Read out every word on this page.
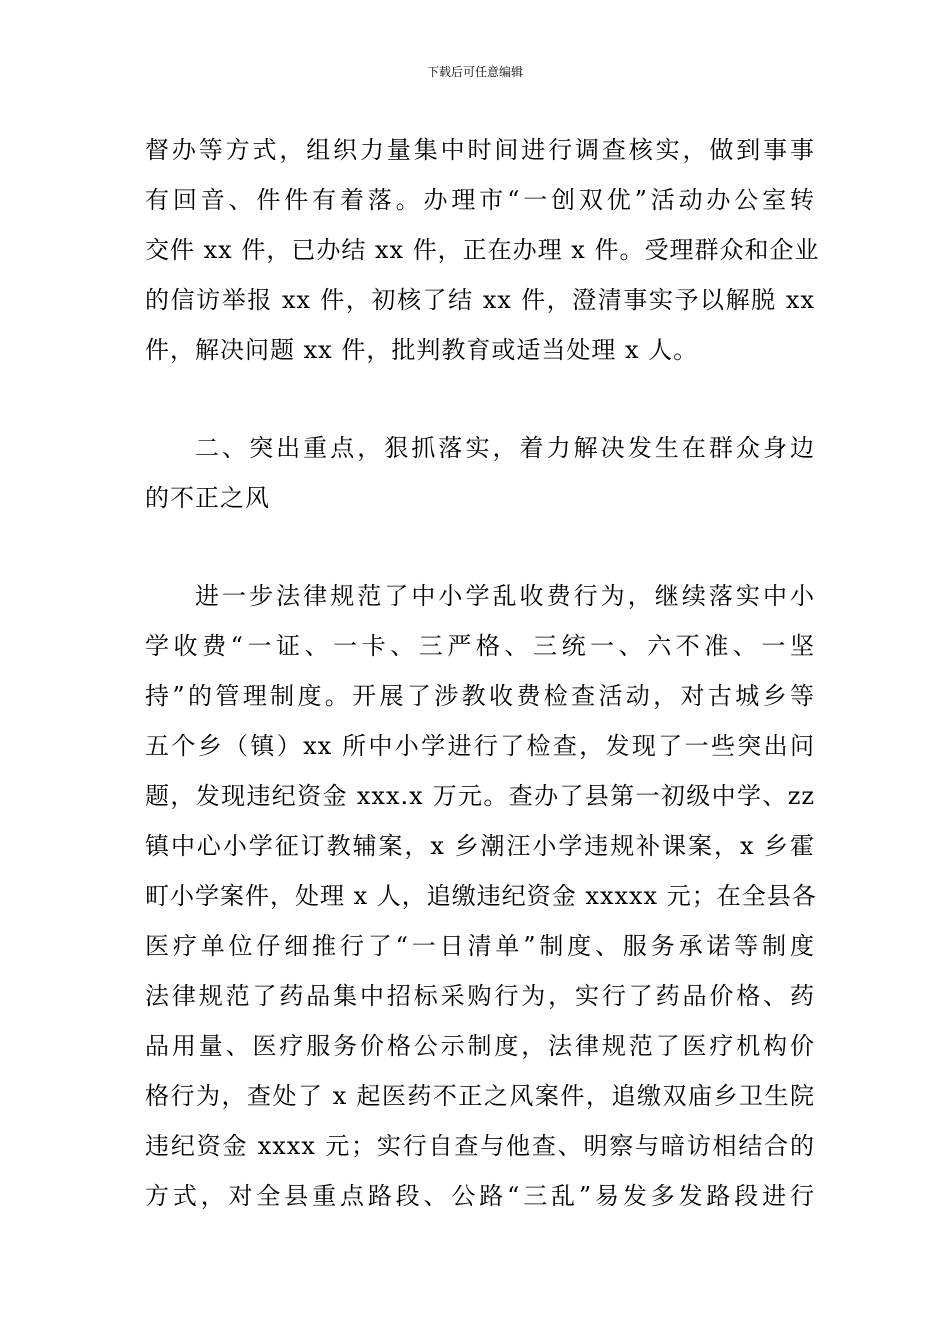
下载后可任意编辑
督办等方式，组织力量集中时间进行调查核实，做到事事
有回音、件件有着落。办理市“一创双优”活动办公室转
交件 xx 件，已办结 xx 件，正在办理 x 件。受理群众和企业
的信访举报 xx 件，初核了结 xx 件，澄清事实予以解脱 xx
件，解决问题 xx 件，批判教育或适当处理 x 人。
二、突出重点，狠抓落实，着力解决发生在群众身边
的不正之风
进一步法律规范了中小学乱收费行为，继续落实中小
学收费“一证、一卡、三严格、三统一、六不准、一坚
持”的管理制度。开展了涉教收费检查活动，对古城乡等
五个乡（镇）xx 所中小学进行了检查，发现了一些突出问
题，发现违纪资金 xxx.x 万元。查办了县第一初级中学、zz
镇中心小学征订教辅案，x 乡潮汪小学违规补课案，x 乡霍
町小学案件，处理 x 人，追缴违纪资金 xxxxx 元；在全县各
医疗单位仔细推行了“一日清单”制度、服务承诺等制度
法律规范了药品集中招标采购行为，实行了药品价格、药
品用量、医疗服务价格公示制度，法律规范了医疗机构价
格行为，查处了 x 起医药不正之风案件，追缴双庙乡卫生院
违纪资金 xxxx 元；实行自查与他查、明察与暗访相结合的
方式，对全县重点路段、公路“三乱”易发多发路段进行
